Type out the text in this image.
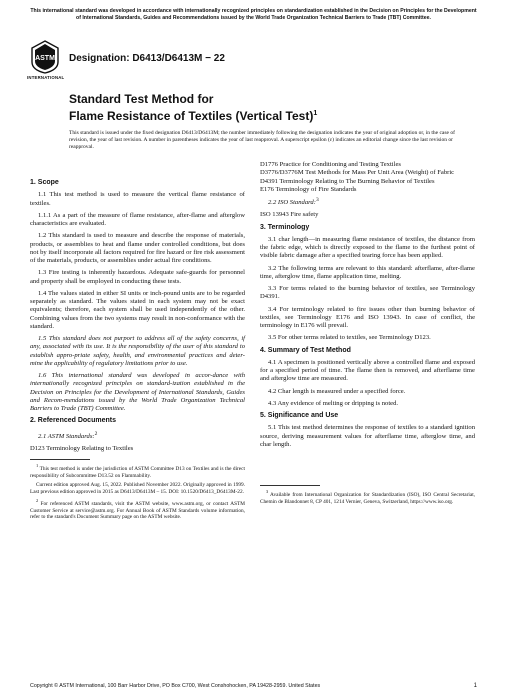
This international standard was developed in accordance with internationally recognized principles on standardization established in the Decision on Principles for the Development of International Standards, Guides and Recommendations issued by the World Trade Organization Technical Barriers to Trade (TBT) Committee.
ASTM
INTERNATIONAL
Designation: D6413/D6413M − 22
Standard Test Method for
Flame Resistance of Textiles (Vertical Test)$^1$
This standard is issued under the fixed designation D6413/D6413M; the number immediately following the designation indicates the year of original adoption or, in the case of revision, the year of last revision. A number in parentheses indicates the year of last reapproval. A superscript epsilon (ε) indicates an editorial change since the last revision or reapproval.
1. Scope

1.1 This test method is used to measure the vertical flame resistance of textiles.

1.1.1 As a part of the measure of flame resistance, after-flame and afterglow characteristics are evaluated.

1.2 This standard is used to measure and describe the response of materials, products, or assemblies to heat and flame under controlled conditions, but does not by itself incorporate all factors required for fire hazard or fire risk assessment of the materials, products, or assemblies under actual fire conditions.

1.3 Fire testing is inherently hazardous. Adequate safe-guards for personnel and property shall be employed in conducting these tests.

1.4 The values stated in either SI units or inch-pound units are to be regarded separately as standard. The values stated in each system may not be exact equivalents; therefore, each system shall be used independently of the other. Combining values from the two systems may result in non-conformance with the standard.

1.5 This standard does not purport to address all of the safety concerns, if any, associated with its use. It is the responsibility of the user of this standard to establish appro-priate safety, health, and environmental practices and deter-mine the applicability of regulatory limitations prior to use.

1.6 This international standard was developed in accor-dance with internationally recognized principles on standard-ization established in the Decision on Principles for the Development of International Standards, Guides and Recom-mendations issued by the World Trade Organization Technical Barriers to Trade (TBT) Committee.

2. Referenced Documents

2.1 ASTM Standards:$^2$

D123 Terminology Relating to Textiles

$^1$ This test method is under the jurisdiction of ASTM Committee D13 on Textiles and is the direct responsibility of Subcommittee D13.52 on Flammability.

Current edition approved Aug. 15, 2022. Published November 2022. Originally approved in 1999. Last previous edition approved in 2015 as D6413/D6413M – 15. DOI: 10.1520/D6413_D6413M-22.

$^2$ For referenced ASTM standards, visit the ASTM website, www.astm.org, or contact ASTM Customer Service at service@astm.org. For Annual Book of ASTM Standards volume information, refer to the standard's Document Summary page on the ASTM website.

D1776 Practice for Conditioning and Testing Textiles
D3776/D3776M Test Methods for Mass Per Unit Area (Weight) of Fabric
D4391 Terminology Relating to The Burning Behavior of Textiles
E176 Terminology of Fire Standards

2.2 ISO Standard:$^3$

ISO 13943 Fire safety
3. Terminology

3.1 char length—in measuring flame resistance of textiles, the distance from the fabric edge, which is directly exposed to the flame to the furthest point of visible fabric damage after a specified tearing force has been applied.

3.2 The following terms are relevant to this standard: afterflame, after-flame time, afterglow time, flame application time, melting.

3.3 For terms related to the burning behavior of textiles, see Terminology D4391.

3.4 For terminology related to fire issues other than burning behavior of textiles, see Terminology E176 and ISO 13943. In case of conflict, the terminology in E176 will prevail.

3.5 For other terms related to textiles, see Terminology D123.

4. Summary of Test Method

4.1 A specimen is positioned vertically above a controlled flame and exposed for a specified period of time. The flame then is removed, and afterflame time and afterglow time are measured.

4.2 Char length is measured under a specified force.

4.3 Any evidence of melting or dripping is noted.

5. Significance and Use

5.1 This test method determines the response of textiles to a standard ignition source, deriving measurement values for afterflame time, afterglow time, and char length.

$^3$ Available from International Organization for Standardization (ISO), ISO Central Secretariat, Chemin de Blandonnet 8, CP 401, 1214 Vernier, Geneva, Switzerland, https://www.iso.org.

Copyright © ASTM International, 100 Barr Harbor Drive, PO Box C700, West Conshohocken, PA 19428-2959. United States	1
